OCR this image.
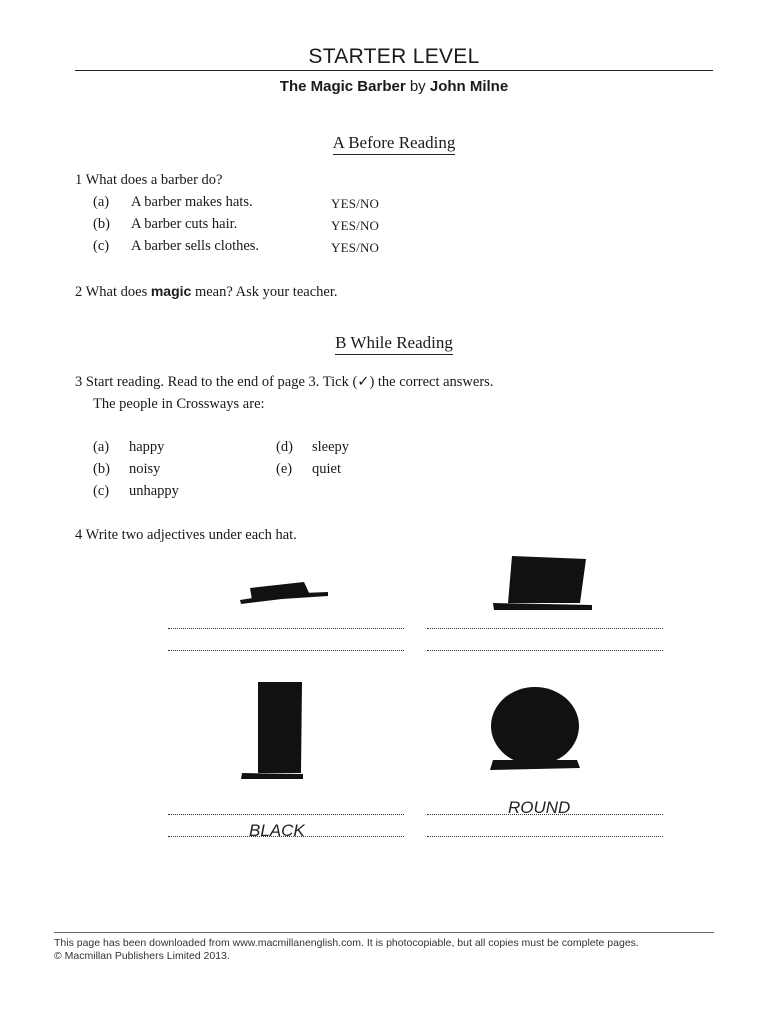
STARTER LEVEL
The Magic Barber by John Milne
A Before Reading
1 What does a barber do?
(a) A barber makes hats.	YES/NO
(b) A barber cuts hair.	YES/NO
(c) A barber sells clothes.	YES/NO
2 What does magic mean? Ask your teacher.
B While Reading
3 Start reading. Read to the end of page 3. Tick (✓) the correct answers.
The people in Crossways are:
(a) happy
(b) noisy
(c) unhappy
(d) sleepy
(e) quiet
4 Write two adjectives under each hat.
ROUND
BLACK
This page has been downloaded from www.macmillanenglish.com. It is photocopiable, but all copies must be complete pages.
© Macmillan Publishers Limited 2013.
